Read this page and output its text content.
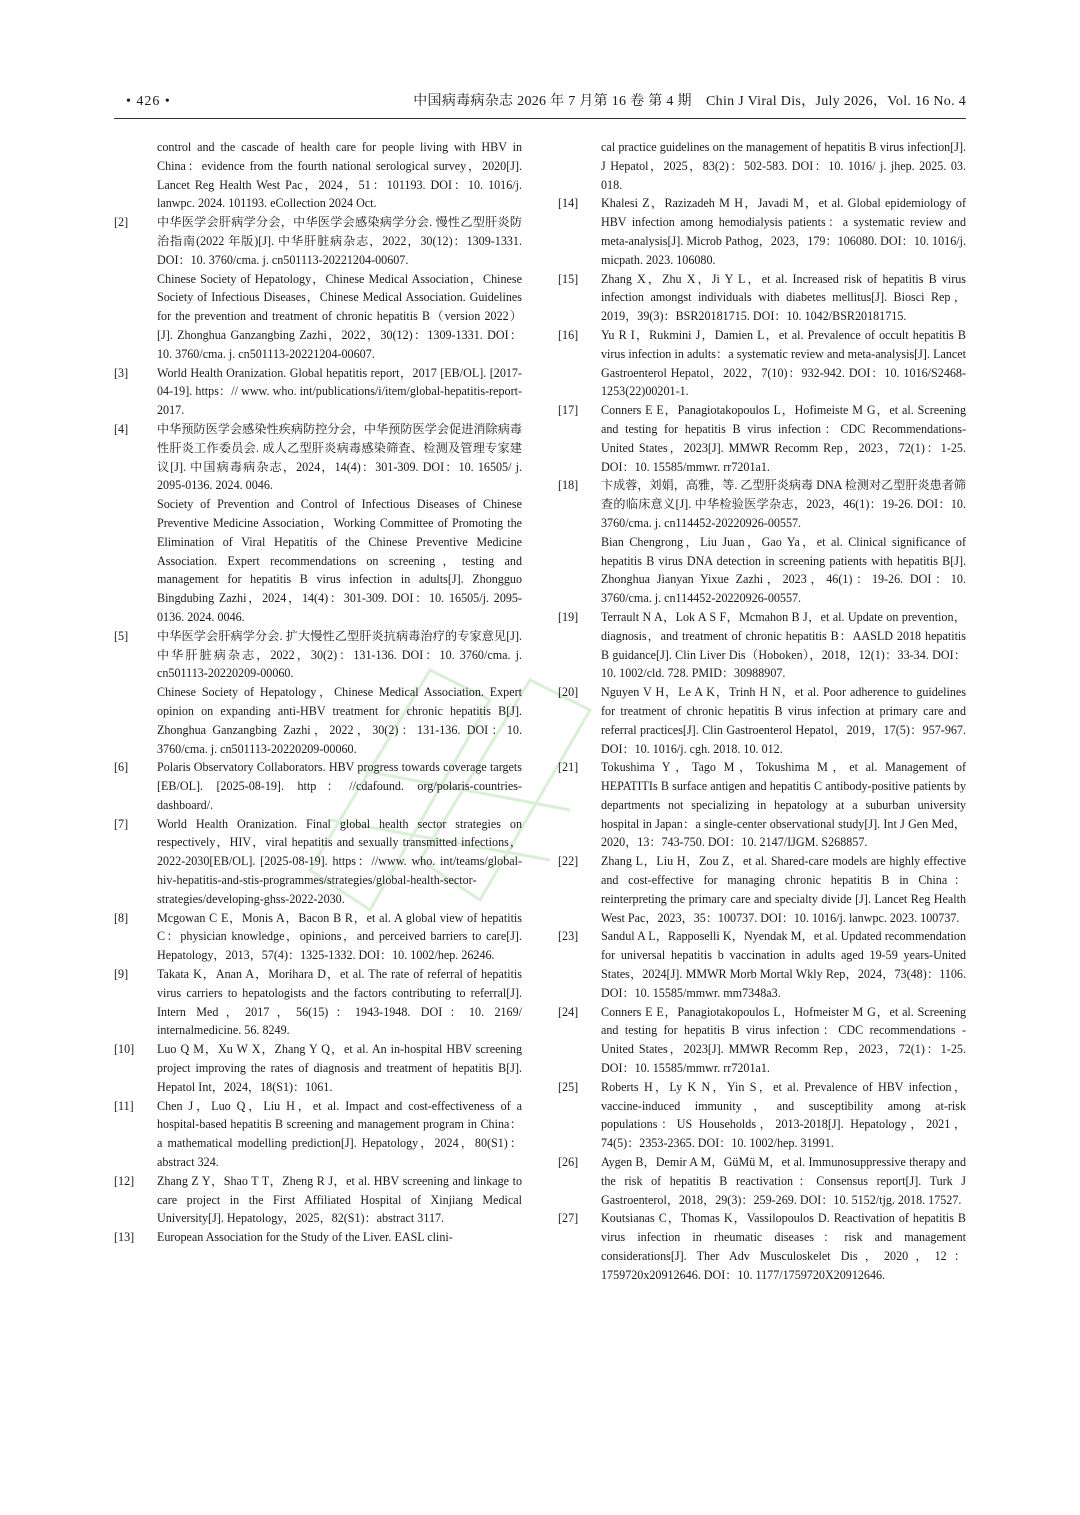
• 426 •	中国病毒病杂志 2026 年 7 月第 16 卷 第 4 期　Chin J Viral Dis，July 2026，Vol. 16 No. 4
control and the cascade of health care for people living with HBV in China：evidence from the fourth national serological survey，2020[J]. Lancet Reg Health West Pac，2024，51：101193. DOI：10. 1016/j. lanwpc. 2024. 101193. eCollection 2024 Oct.
[2]	中华医学会肝病学分会，中华医学会感染病学分会. 慢性乙型肝炎防治指南(2022 年版)[J]. 中华肝脏病杂志，2022，30(12)：1309-1331. DOI：10. 3760/cma. j. cn501113-20221204-00607.
Chinese Society of Hepatology，Chinese Medical Association，Chinese Society of Infectious Diseases，Chinese Medical Association. Guidelines for the prevention and treatment of chronic hepatitis B（version 2022）[J]. Zhonghua Ganzangbing Zazhi，2022，30(12)：1309-1331. DOI：10. 3760/cma. j. cn501113-20221204-00607.
[3]	World Health Oranization. Global hepatitis report，2017 [EB/OL]. [2017-04-19]. https：// www. who. int/publications/i/item/global-hepatitis-report-2017.
[4]	中华预防医学会感染性疾病防控分会，中华预防医学会促进消除病毒性肝炎工作委员会. 成人乙型肝炎病毒感染筛查、检测及管理专家建议[J]. 中国病毒病杂志，2024，14(4)：301-309. DOI：10. 16505/ j. 2095-0136. 2024. 0046.
Society of Prevention and Control of Infectious Diseases of Chinese Preventive Medicine Association，Working Committee of Promoting the Elimination of Viral Hepatitis of the Chinese Preventive Medicine Association. Expert recommendations on screening，testing and management for hepatitis B virus infection in adults[J]. Zhongguo Bingdubing Zazhi，2024，14(4)：301-309. DOI：10. 16505/j. 2095-0136. 2024. 0046.
[5]	中华医学会肝病学分会. 扩大慢性乙型肝炎抗病毒治疗的专家意见[J]. 中华肝脏病杂志，2022，30(2)：131-136. DOI：10. 3760/cma. j. cn501113-20220209-00060.
Chinese Society of Hepatology，Chinese Medical Association. Expert opinion on expanding anti-HBV treatment for chronic hepatitis B[J]. Zhonghua Ganzangbing Zazhi，2022，30(2)：131-136. DOI：10. 3760/cma. j. cn501113-20220209-00060.
[6]	Polaris Observatory Collaborators. HBV progress towards coverage targets [EB/OL]. [2025-08-19]. http：//cdafound. org/polaris-countries-dashboard/.
[7]	World Health Oranization. Final global health sector strategies on respectively，HIV，viral hepatitis and sexually transmitted infections，2022-2030[EB/OL]. [2025-08-19]. https：//www. who. int/teams/global-hiv-hepatitis-and-stis-programmes/strategies/global-health-sector-strategies/developing-ghss-2022-2030.
[8]	Mcgowan C E，Monis A，Bacon B R，et al. A global view of hepatitis C：physician knowledge，opinions，and perceived barriers to care[J]. Hepatology，2013，57(4)：1325-1332. DOI：10. 1002/hep. 26246.
[9]	Takata K，Anan A，Morihara D，et al. The rate of referral of hepatitis virus carriers to hepatologists and the factors contributing to referral[J]. Intern Med，2017，56(15)：1943-1948. DOI：10. 2169/ internalmedicine. 56. 8249.
[10]	Luo Q M，Xu W X，Zhang Y Q，et al. An in-hospital HBV screening project improving the rates of diagnosis and treatment of hepatitis B[J]. Hepatol Int，2024，18(S1)：1061.
[11]	Chen J，Luo Q，Liu H，et al. Impact and cost-effectiveness of a hospital-based hepatitis B screening and management program in China：a mathematical modelling prediction[J]. Hepatology，2024，80(S1)：abstract 324.
[12]	Zhang Z Y，Shao T T，Zheng R J，et al. HBV screening and linkage to care project in the First Affiliated Hospital of Xinjiang Medical University[J]. Hepatology，2025，82(S1)：abstract 3117.
[13]	European Association for the Study of the Liver. EASL clini-
cal practice guidelines on the management of hepatitis B virus infection[J]. J Hepatol，2025，83(2)：502-583. DOI：10. 1016/ j. jhep. 2025. 03. 018.
[14]	Khalesi Z，Razizadeh M H，Javadi M，et al. Global epidemiology of HBV infection among hemodialysis patients：a systematic review and meta-analysis[J]. Microb Pathog，2023，179：106080. DOI：10. 1016/j. micpath. 2023. 106080.
[15]	Zhang X，Zhu X，Ji Y L，et al. Increased risk of hepatitis B virus infection amongst individuals with diabetes mellitus[J]. Biosci Rep，2019，39(3)：BSR20181715. DOI：10. 1042/BSR20181715.
[16]	Yu R I，Rukmini J，Damien L，et al. Prevalence of occult hepatitis B virus infection in adults：a systematic review and meta-analysis[J]. Lancet Gastroenterol Hepatol，2022，7(10)：932-942. DOI：10. 1016/S2468-1253(22)00201-1.
[17]	Conners E E，Panagiotakopoulos L，Hofimeiste M G，et al. Screening and testing for hepatitis B virus infection：CDC Recommendations-United States，2023[J]. MMWR Recomm Rep，2023，72(1)：1-25. DOI：10. 15585/mmwr. rr7201a1.
[18]	卞成蓉，刘娟，高雅，等. 乙型肝炎病毒 DNA 检测对乙型肝炎患者筛查的临床意义[J]. 中华检验医学杂志，2023，46(1)：19-26. DOI：10. 3760/cma. j. cn114452-20220926-00557.
Bian Chengrong，Liu Juan，Gao Ya，et al. Clinical significance of hepatitis B virus DNA detection in screening patients with hepatitis B[J]. Zhonghua Jianyan Yixue Zazhi，2023，46(1)：19-26. DOI：10. 3760/cma. j. cn114452-20220926-00557.
[19]	Terrault N A，Lok A S F，Mcmahon B J，et al. Update on prevention，diagnosis，and treatment of chronic hepatitis B：AASLD 2018 hepatitis B guidance[J]. Clin Liver Dis（Hoboken），2018，12(1)：33-34. DOI：10. 1002/cld. 728. PMID：30988907.
[20]	Nguyen V H，Le A K，Trinh H N，et al. Poor adherence to guidelines for treatment of chronic hepatitis B virus infection at primary care and referral practices[J]. Clin Gastroenterol Hepatol，2019，17(5)：957-967. DOI：10. 1016/j. cgh. 2018. 10. 012.
[21]	Tokushima Y，Tago M，Tokushima M，et al. Management of HEPATITIs B surface antigen and hepatitis C antibody-positive patients by departments not specializing in hepatology at a suburban university hospital in Japan：a single-center observational study[J]. Int J Gen Med，2020，13：743-750. DOI：10. 2147/IJGM. S268857.
[22]	Zhang L，Liu H，Zou Z，et al. Shared-care models are highly effective and cost-effective for managing chronic hepatitis B in China：reinterpreting the primary care and specialty divide [J]. Lancet Reg Health West Pac，2023，35：100737. DOI：10. 1016/j. lanwpc. 2023. 100737.
[23]	Sandul A L，Rapposelli K，Nyendak M，et al. Updated recommendation for universal hepatitis b vaccination in adults aged 19-59 years-United States，2024[J]. MMWR Morb Mortal Wkly Rep，2024，73(48)：1106. DOI：10. 15585/mmwr. mm7348a3.
[24]	Conners E E，Panagiotakopoulos L，Hofmeister M G，et al. Screening and testing for hepatitis B virus infection：CDC recommendations - United States，2023[J]. MMWR Recomm Rep，2023，72(1)：1-25. DOI：10. 15585/mmwr. rr7201a1.
[25]	Roberts H，Ly K N，Yin S，et al. Prevalence of HBV infection，vaccine-induced immunity，and susceptibility among at-risk populations：US Households，2013-2018[J]. Hepatology，2021，74(5)：2353-2365. DOI：10. 1002/hep. 31991.
[26]	Aygen B，Demir A M，GüMü M，et al. Immunosuppressive therapy and the risk of hepatitis B reactivation：Consensus report[J]. Turk J Gastroenterol，2018，29(3)：259-269. DOI：10. 5152/tjg. 2018. 17527.
[27]	Koutsianas C，Thomas K，Vassilopoulos D. Reactivation of hepatitis B virus infection in rheumatic diseases：risk and management considerations[J]. Ther Adv Musculoskelet Dis，2020，12：1759720x20912646. DOI：10. 1177/1759720X20912646.
